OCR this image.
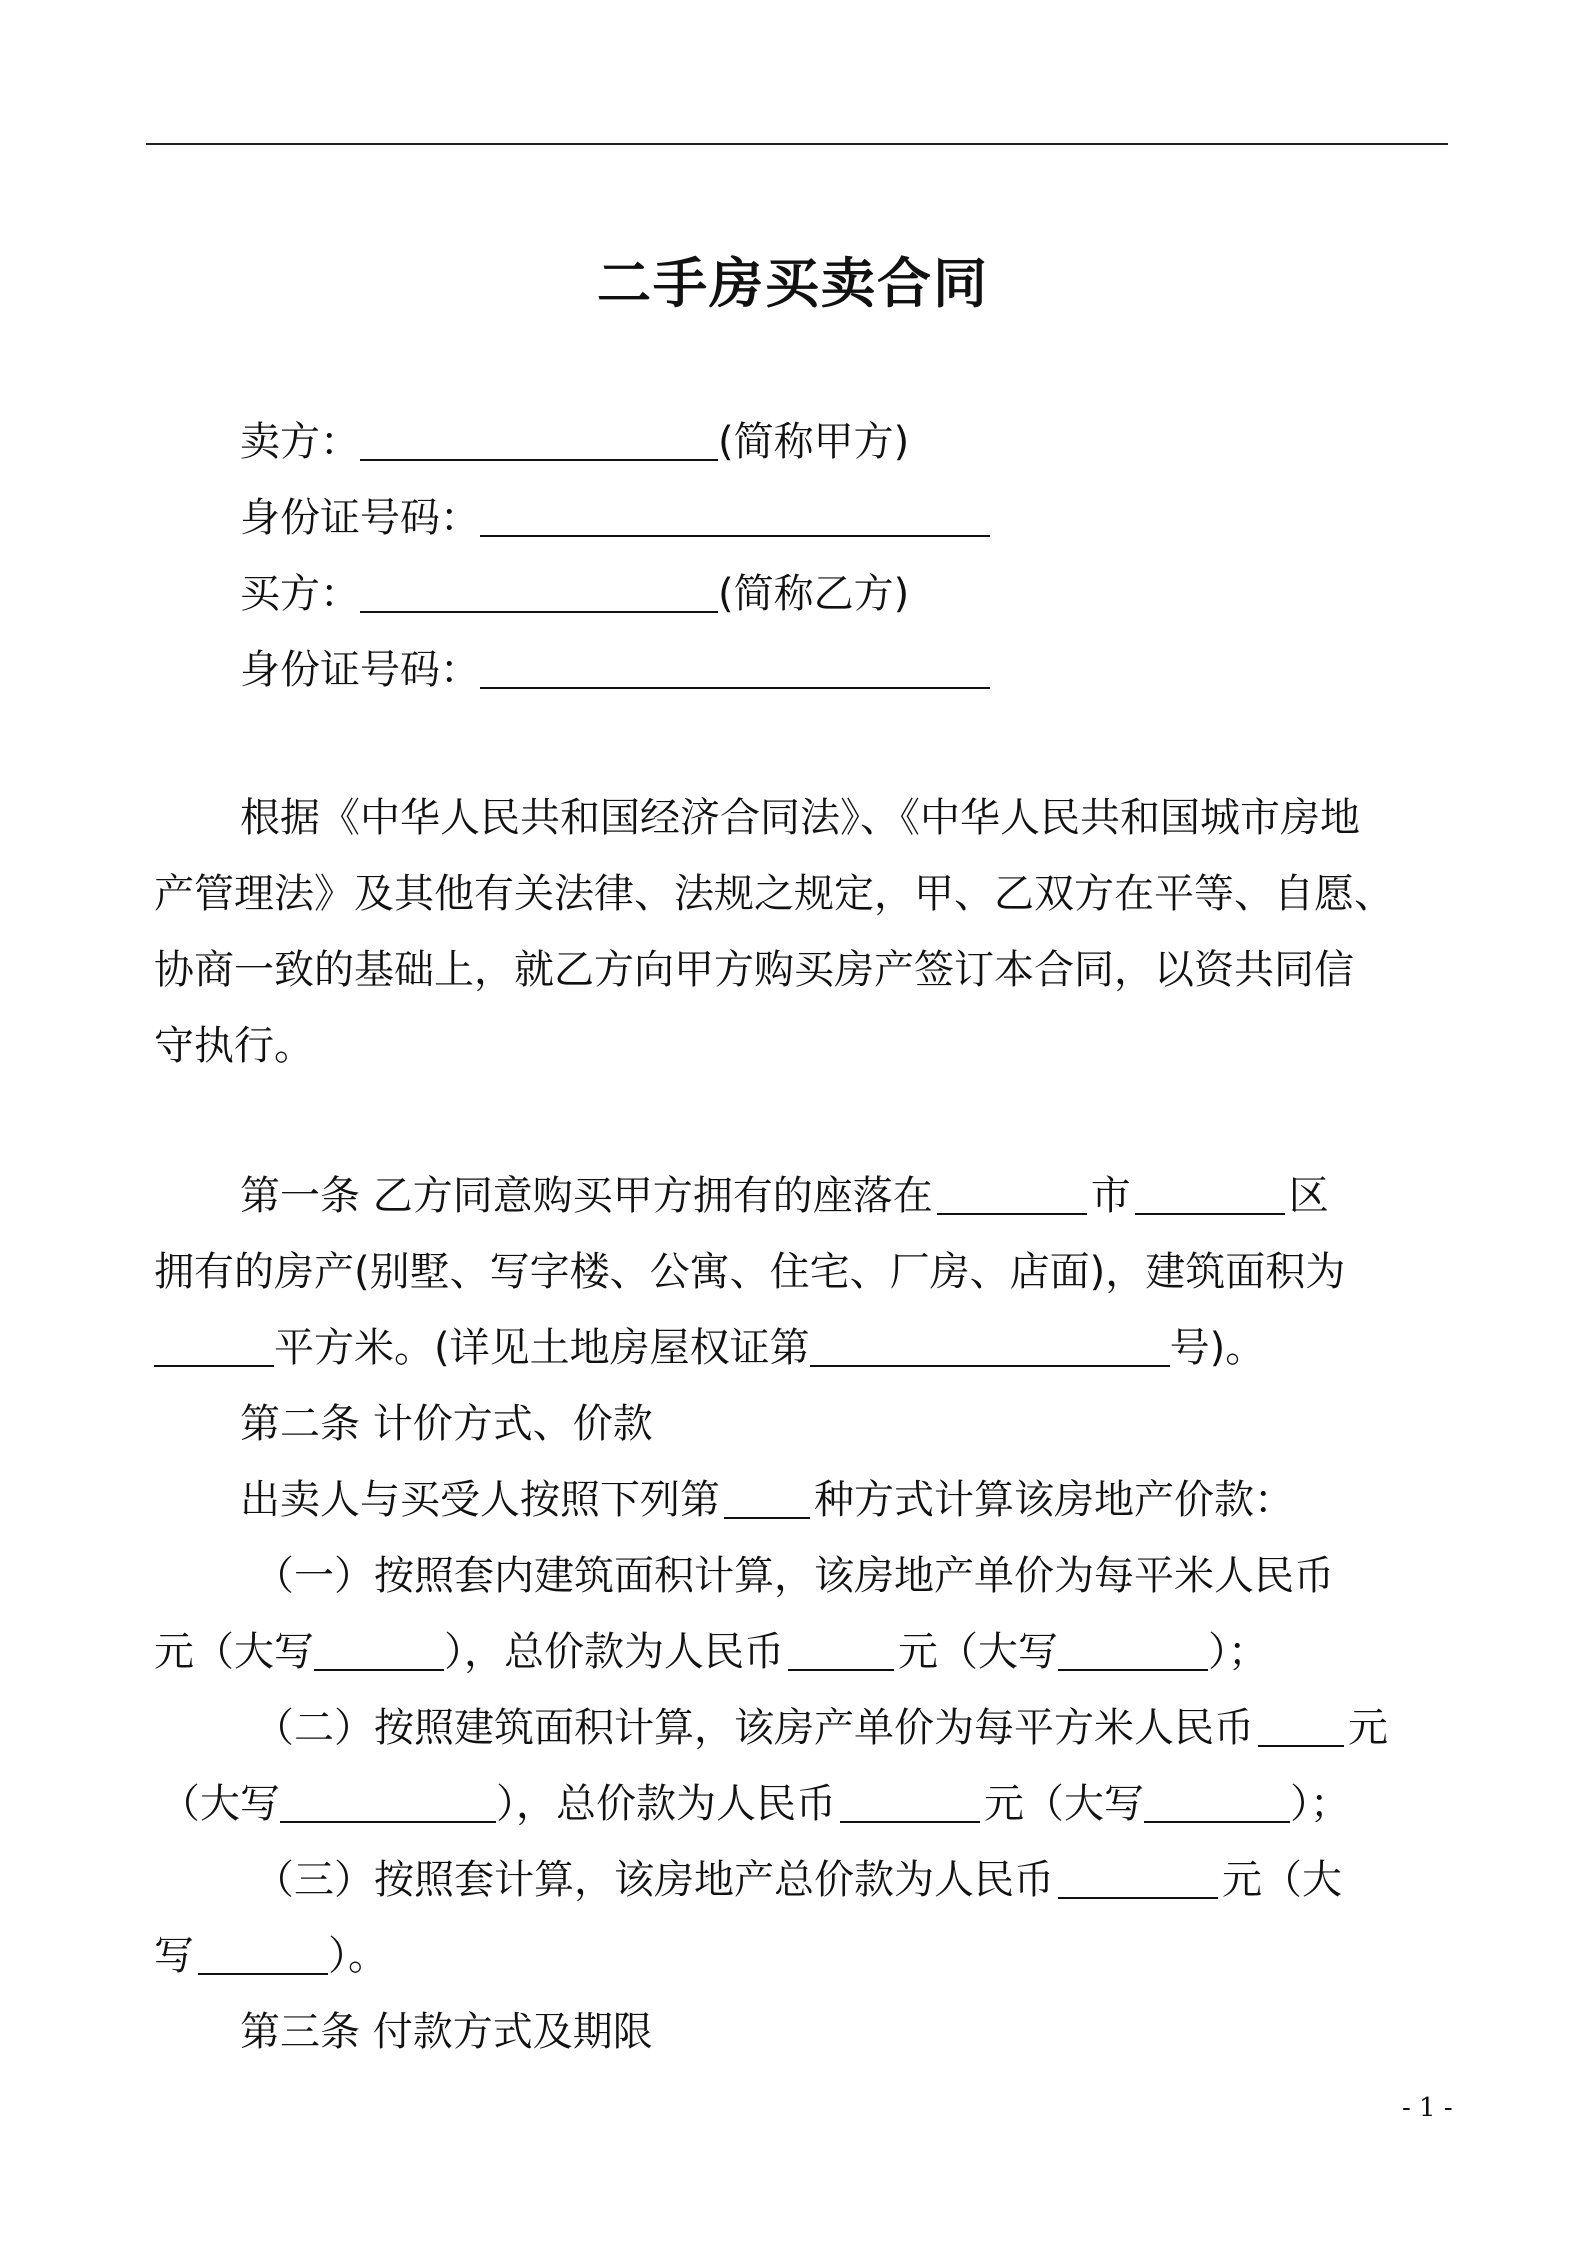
二手房买卖合同
卖方：	(简称甲方)
身份证号码：
买方：	(简称乙方)
身份证号码：
根据《中华人民共和国经济合同法》、《中华人民共和国城市房地
产管理法》及其他有关法律、法规之规定，甲、乙双方在平等、自愿、
协商一致的基础上，就乙方向甲方购买房产签订本合同，以资共同信
守执行。
第一条 乙方同意购买甲方拥有的座落在	市	区
拥有的房产(别墅、写字楼、公寓、住宅、厂房、店面)，建筑面积为
平方米。(详见土地房屋权证第	号)。
第二条 计价方式、价款
出卖人与买受人按照下列第 种方式计算该房地产价款：
（一）按照套内建筑面积计算，该房地产单价为每平米人民币
元（大写	），总价款为人民币	元（大写	）；
（二）按照建筑面积计算，该房产单价为每平方米人民币 元
（大写	），总价款为人民币	元（大写	）；
（三）按照套计算，该房地产总价款为人民币	元（大
写	）。
第三条 付款方式及期限
- 1 -
